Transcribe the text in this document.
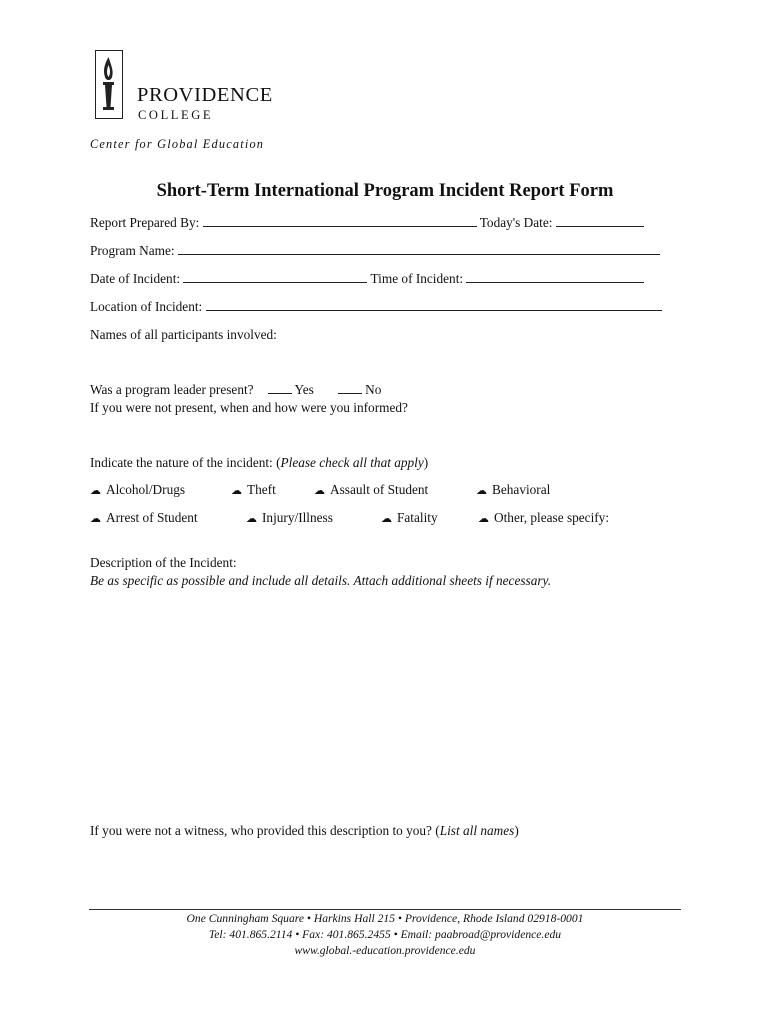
PROVIDENCE
COLLEGE
Center for Global Education
Short-Term International Program Incident Report Form
Report Prepared By:	Today's Date:
Program Name:
Date of Incident:	Time of Incident:
Location of Incident:
Names of all participants involved:
Was a program leader present?	Yes	No
If you were not present, when and how were you informed?
Indicate the nature of the incident: (Please check all that apply)
☁ Alcohol/Drugs	☁ Theft	☁ Assault of Student	☁ Behavioral
☁ Arrest of Student	☁ Injury/Illness	☁ Fatality	☁ Other, please specify:
Description of the Incident:
Be as specific as possible and include all details. Attach additional sheets if necessary.
If you were not a witness, who provided this description to you? (List all names)
One Cunningham Square • Harkins Hall 215 • Providence, Rhode Island 02918-0001
Tel: 401.865.2114 • Fax: 401.865.2455 • Email: paabroad@providence.edu
www.global.-education.providence.edu
